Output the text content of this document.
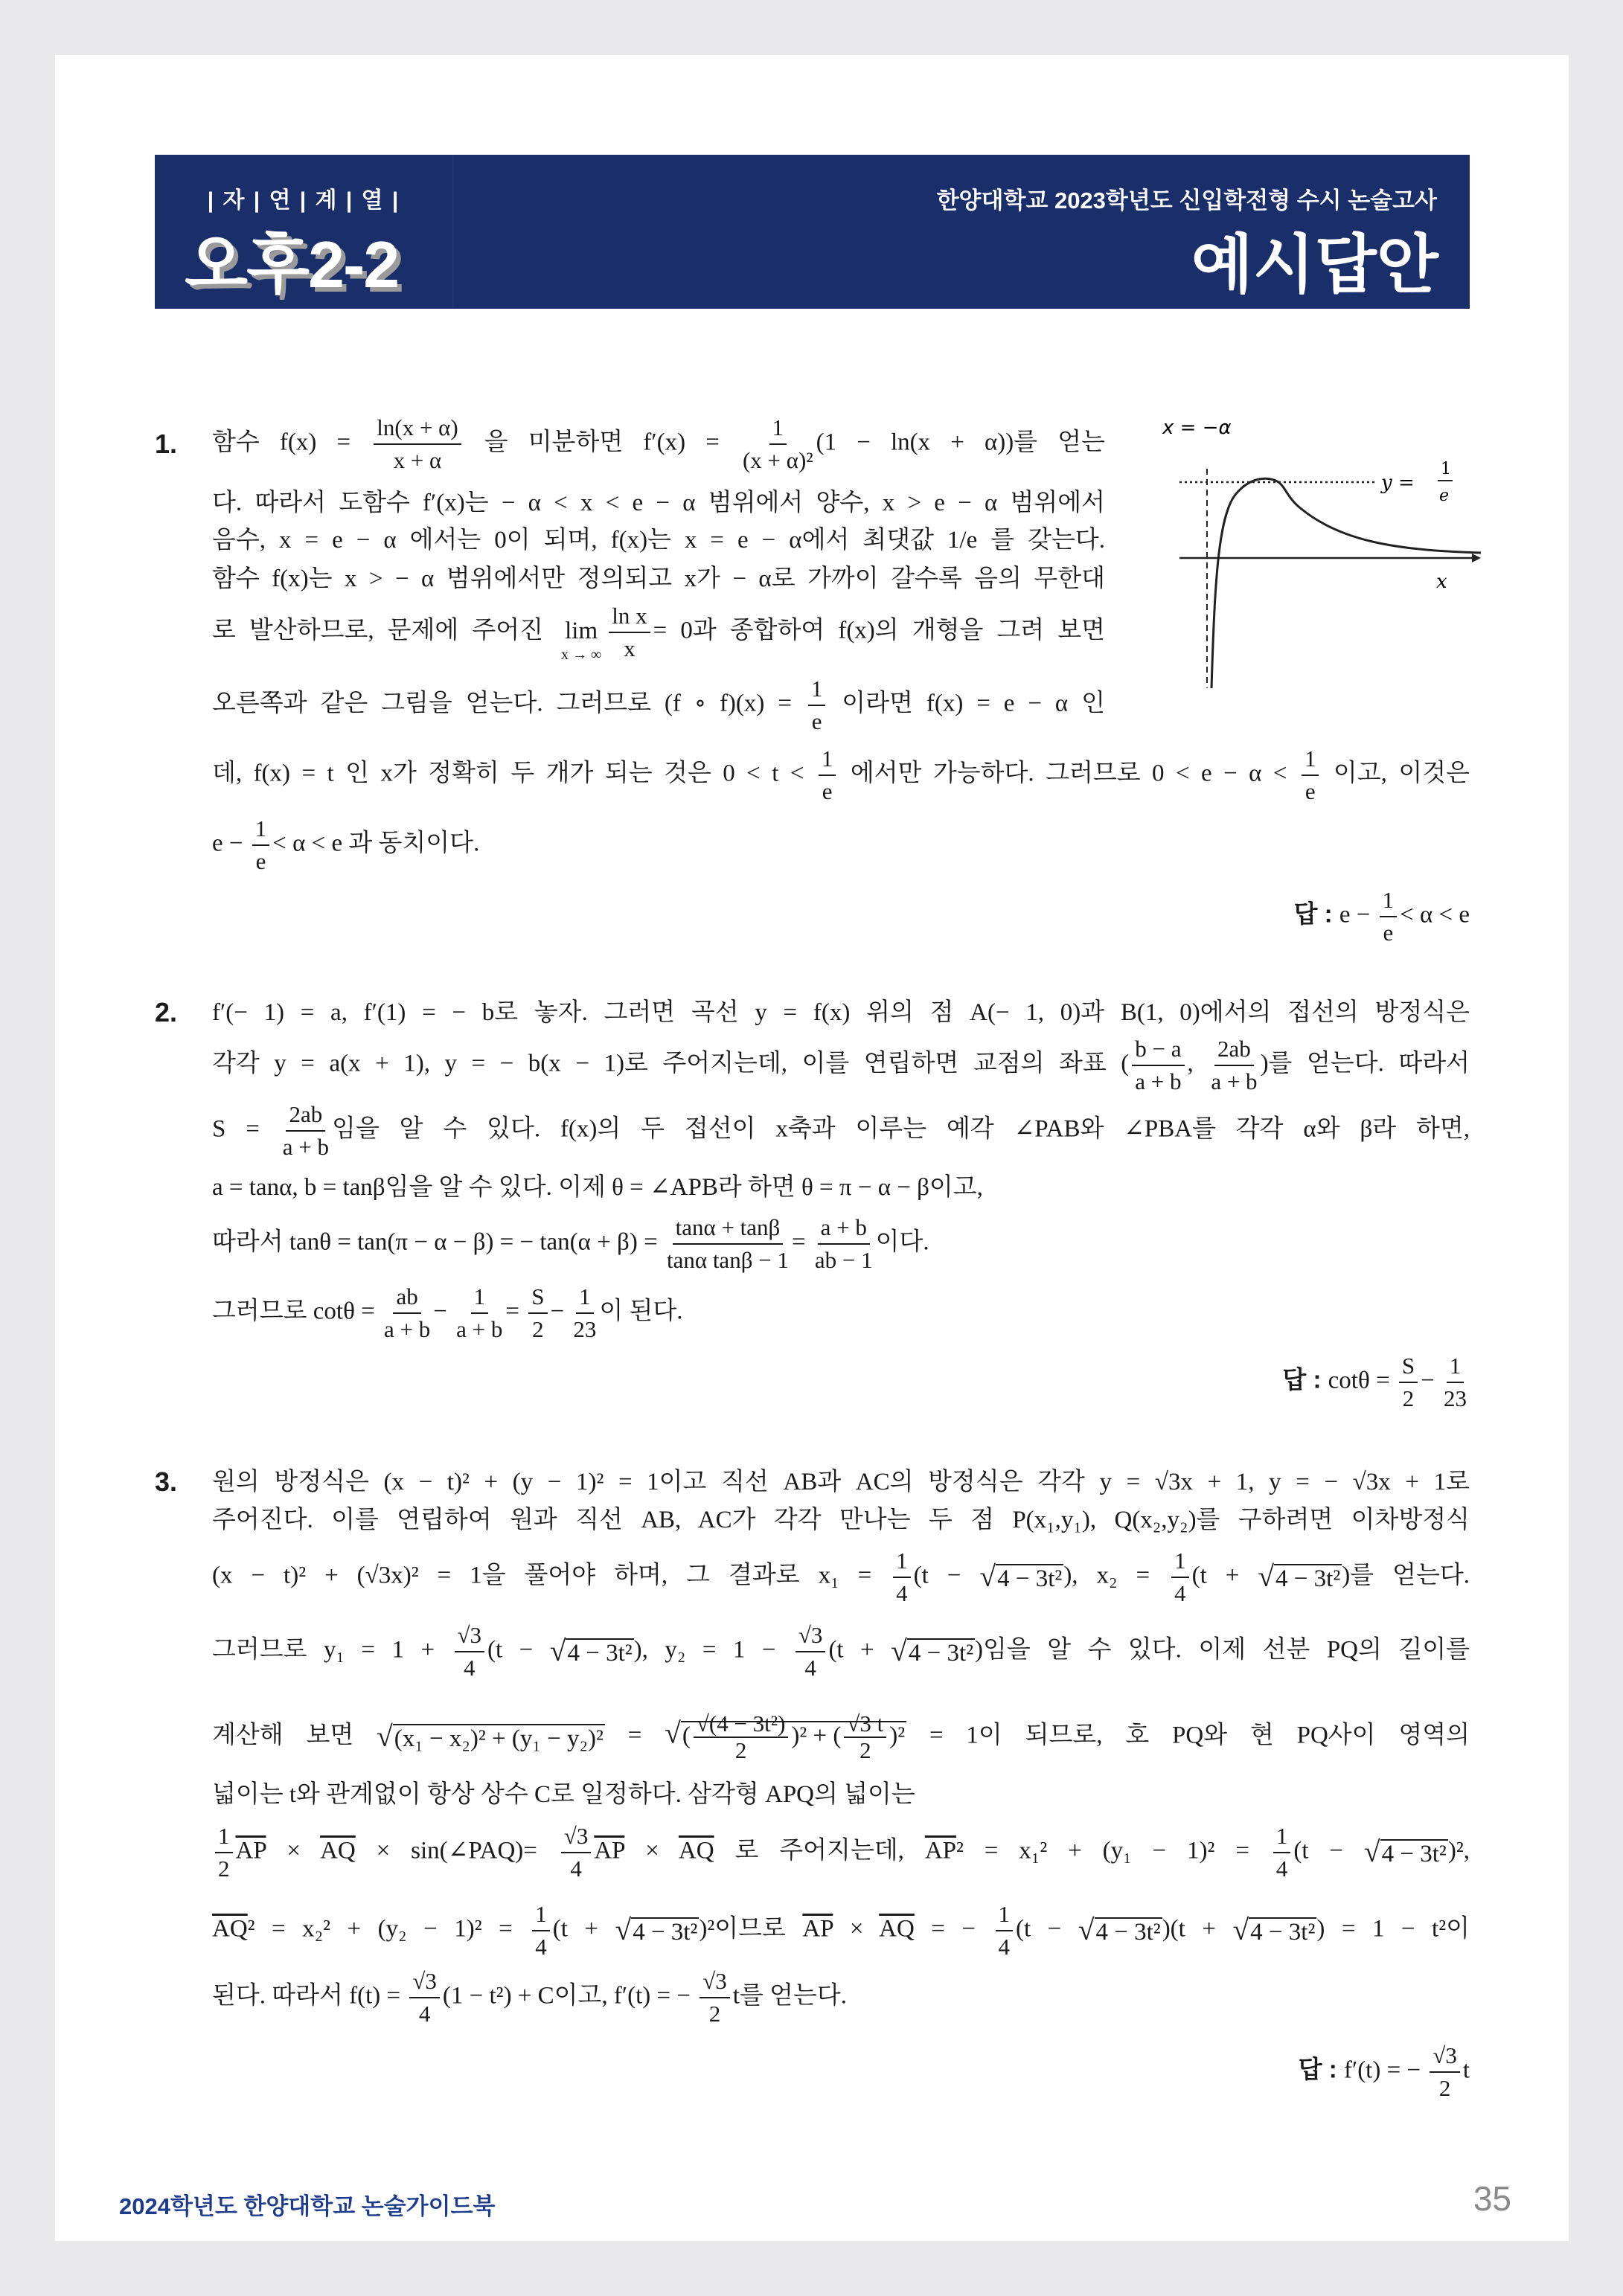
| 자 | 연 | 계 | 열 |
오후2-2
한양대학교 2023학년도 신입학전형 수시 논술고사
예시답안
x = −α
y =
1
e
x
1. 함수 $f(x) = \frac{\ln(x + \alpha)}{x + \alpha}$ 을 미분하면 $f'(x) = \frac{1}{\text{(x + α)²}} (1 - \ln(x + \alpha))$를 얻는
다. 따라서 도함수 f′(x)는 − α < x < e − α 범위에서 양수, x > e − α 범위에서
음수, x = e − α 에서는 0이 되며, f(x)는 x = e − α에서 최댓값 1/e 를 갖는다.
함수 f(x)는 x > − α 범위에서만 정의되고 x가 − α로 가까이 갈수록 음의 무한대
로 발산하므로, 문제에 주어진 lim
x → ∞ $\frac{\text{ln x}}{x} = 0$과 종합하여 f(x)의 개형을 그려 보면
오른쪽과 같은 그림을 얻는다. 그러므로 (f ∘ $f)(x) = \frac{1}{e}$ 이라면 f(x) = e − α 인
데, f(x) = t 인 x가 정확히 두 개가 되는 것은 $0 < t < \frac{1}{e}$ 에서만 가능하다. 그러므로 $0 < e - \alpha < \frac{1}{e}$ 이고, 이것은
$e - \frac{1}{e} < \alpha < e$ 과 동치이다.
답 : $e - \frac{1}{e} < \alpha < e$
2. f′(− 1) = a, f′(1) = − b로 놓자. 그러면 곡선 y = f(x) 위의 점 A(− 1, 0)과 B(1, 0)에서의 접선의 방정식은
각각 y = a(x + 1), y = − b(x − 1)로 주어지는데, 이를 연립하면 교점의 좌표 ( $\frac{b - a}{a + b}$ , $\frac{2ab}{a + b}$ )를 얻는다. 따라서
$S = \frac{2ab}{a + b}$ 임을 알 수 있다. f(x)의 두 접선이 x축과 이루는 예각 ∠PAB와 ∠PBA를 각각 α와 β라 하면,
a = tanα, b = tanβ임을 알 수 있다. 이제 θ = ∠APB라 하면 θ = π − α − β이고,
따라서 tanθ = tan(π − α − β) = − $\tan(\alpha + \beta) = \frac{\tan\alpha + \tan\beta}{\text{tanα tanβ − 1}} = \frac{a + b}{ab - 1}$ 이다.
그러므로 $\cot\theta = \frac{ab}{a + b} - \frac{1}{a + b} = \frac{S}{2} - \frac{1}{23}$ 이 된다.
답 : $\cot\theta = \frac{S}{2} - \frac{1}{23}$
3. 원의 방정식은 (x − t)² + (y − 1)² = 1이고 직선 AB과 AC의 방정식은 각각 y = √3x + 1, y = − √3x + 1로
주어진다. 이를 연립하여 원과 직선 AB, AC가 각각 만나는 두 점 P(x₁,y₁), Q(x₂,y₂)를 구하려면 이차방정식
(x − t)² + (√3x)² = 1을 풀어야 하며, 그 결과로 $x_1 = \frac{1}{4} (t - √4 - 3t^2)$, $x_2 = \frac{1}{4} (t + √4 - 3t^2)$를 얻는다.
그러므로 $y_1 = 1 + \frac{√3}{4} (t - √4 - 3t^2)$, $y_2 = 1 - \frac{√3}{4} (t + √4 - 3t^2)$임을 알 수 있다. 이제 선분 PQ의 길이를
계산해 보면 √(x₁ − x₂)² + (y₁ − y₂)² = √( $\frac{\text{√(4 − 3t²)}}{2} )^2$ + ( $\frac{√3 t}{2} )^2 = 1$이 되므로, 호 PQ와 현 PQ사이 영역의
넓이는 t와 관계없이 항상 상수 C로 일정하다. 삼각형 APQ의 넓이는
$\frac{1}{2} \overline{AP} \times \overline{AQ}$ × sin(∠PAQ)= $\frac{√3}{4} \overline{AP} \times \overline{AQ}$ 로 주어지는데, $\overline{AP}^2 = x_1^2 + (y_1 - 1)^2 = \frac{1}{4} (t - √4 - 3t^2)^2$,
$\overline{AQ}^2 = x_2^2 + (y_2 - 1)^2 = \frac{1}{4} (t + √4 - 3t^2)^2$이므로 $\overline{AP} \times \overline{AQ}$ = − $\frac{1}{4} (t - √4 - 3t^2)(t + √4 - 3t^2) = 1 - t^2$이
된다. 따라서 $f(t) = \frac{√3}{4} (1 - t^2) + C$이고, f′(t) = − $\frac{√3}{2}$ t를 얻는다.
답 : f′(t) = − $\frac{√3}{2}$ t
2024학년도 한양대학교 논술가이드북	35
